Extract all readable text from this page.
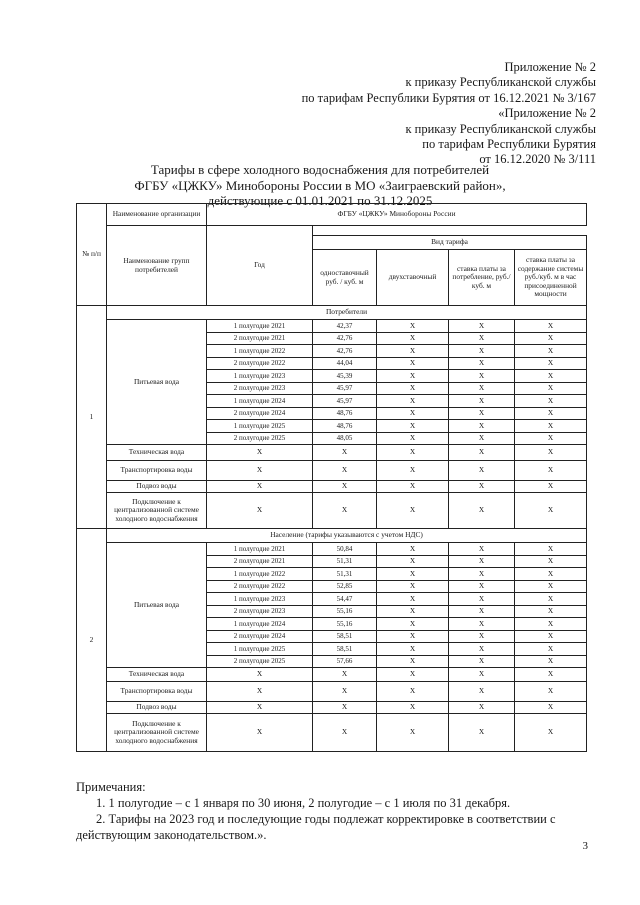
Приложение № 2
к приказу Республиканской службы
по тарифам Республики Бурятия от 16.12.2021 № 3/167
«Приложение № 2
к приказу Республиканской службы
по тарифам Республики Бурятия
от 16.12.2020 № 3/111
Тарифы в сфере холодного водоснабжения для потребителей
ФГБУ «ЦЖКУ» Минобороны России в МО «Заиграевский район»,
действующие с 01.01.2021 по 31.12.2025
№ п/п	Наименование организации	ФГБУ «ЦЖКУ» Минобороны России				
	Наименование групп потребителей	Год				
			Вид тарифа			
			одноставочный руб. / куб. м	двухставочный	ставка платы за потребление, руб./ куб. м	ставка платы за содержание системы руб./куб. м в час присоединенной мощности
1	Потребители					
	Питьевая вода	1 полугодие 2021	42,37	X	X	X
		2 полугодие 2021	42,76	X	X	X
		1 полугодие 2022	42,76	X	X	X
		2 полугодие 2022	44,04	X	X	X
		1 полугодие 2023	45,39	X	X	X
		2 полугодие 2023	45,97	X	X	X
		1 полугодие 2024	45,97	X	X	X
		2 полугодие 2024	48,76	X	X	X
		1 полугодие 2025	48,76	X	X	X
		2 полугодие 2025	48,05	X	X	X
	Техническая вода	X	X	X	X	X
	Транспортировка воды	X	X	X	X	X
	Подвоз воды	X	X	X	X	X
	Подключение к централизованной системе холодного водоснабжения	X	X	X	X	X
2	Население (тарифы указываются с учетом НДС)					
	Питьевая вода	1 полугодие 2021	50,84	X	X	X
		2 полугодие 2021	51,31	X	X	X
		1 полугодие 2022	51,31	X	X	X
		2 полугодие 2022	52,85	X	X	X
		1 полугодие 2023	54,47	X	X	X
		2 полугодие 2023	55,16	X	X	X
		1 полугодие 2024	55,16	X	X	X
		2 полугодие 2024	58,51	X	X	X
		1 полугодие 2025	58,51	X	X	X
		2 полугодие 2025	57,66	X	X	X
	Техническая вода	X	X	X	X	X
	Транспортировка воды	X	X	X	X	X
	Подвоз воды	X	X	X	X	X
	Подключение к централизованной системе холодного водоснабжения	X	X	X	X	X

Примечания:

1. 1 полугодие – с 1 января по 30 июня, 2 полугодие – с 1 июля по 31 декабря.

2. Тарифы на 2023 год и последующие годы подлежат корректировке в соответствии с

действующим законодательством.».

3
